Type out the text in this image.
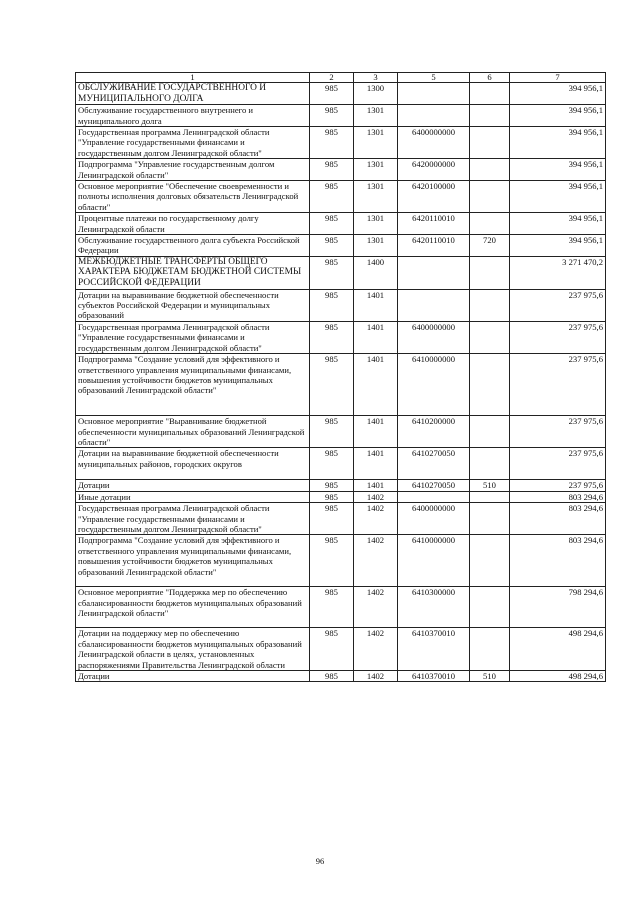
1	2	3	5	6	7
ОБСЛУЖИВАНИЕ ГОСУДАРСТВЕННОГО И МУНИЦИПАЛЬНОГО ДОЛГА	985	1300			394 956,1
Обслуживание государственного внутреннего и муниципального долга	985	1301			394 956,1
Государственная программа Ленинградской области "Управление государственными финансами и государственным долгом Ленинградской области"	985	1301	6400000000		394 956,1
Подпрограмма "Управление государственным долгом Ленинградской области"	985	1301	6420000000		394 956,1
Основное мероприятие "Обеспечение своевременности и полноты исполнения долговых обязательств Ленинградской области"	985	1301	6420100000		394 956,1
Процентные платежи по государственному долгу Ленинградской области	985	1301	6420110010		394 956,1
Обслуживание государственного долга субъекта Российской Федерации	985	1301	6420110010	720	394 956,1
МЕЖБЮДЖЕТНЫЕ ТРАНСФЕРТЫ ОБЩЕГО ХАРАКТЕРА БЮДЖЕТАМ БЮДЖЕТНОЙ СИСТЕМЫ РОССИЙСКОЙ ФЕДЕРАЦИИ	985	1400			3 271 470,2
Дотации на выравнивание бюджетной обеспеченности субъектов Российской Федерации и муниципальных образований	985	1401			237 975,6
Государственная программа Ленинградской области "Управление государственными финансами и государственным долгом Ленинградской области"	985	1401	6400000000		237 975,6
Подпрограмма "Создание условий для эффективного и ответственного управления муниципальными финансами, повышения устойчивости бюджетов муниципальных образований Ленинградской области"	985	1401	6410000000		237 975,6
Основное мероприятие "Выравнивание бюджетной обеспеченности муниципальных образований Ленинградской области"	985	1401	6410200000		237 975,6
Дотации на выравнивание бюджетной обеспеченности муниципальных районов, городских округов	985	1401	6410270050		237 975,6
Дотации	985	1401	6410270050	510	237 975,6
Иные дотации	985	1402			803 294,6
Государственная программа Ленинградской области "Управление государственными финансами и государственным долгом Ленинградской области"	985	1402	6400000000		803 294,6
Подпрограмма "Создание условий для эффективного и ответственного управления муниципальными финансами, повышения устойчивости бюджетов муниципальных образований Ленинградской области"	985	1402	6410000000		803 294,6
Основное мероприятие "Поддержка мер по обеспечению сбалансированности бюджетов муниципальных образований Ленинградской области"	985	1402	6410300000		798 294,6
Дотации на поддержку мер по обеспечению сбалансированности бюджетов муниципальных образований Ленинградской области в целях, установленных распоряжениями Правительства Ленинградской области	985	1402	6410370010		498 294,6
Дотации	985	1402	6410370010	510	498 294,6
96
